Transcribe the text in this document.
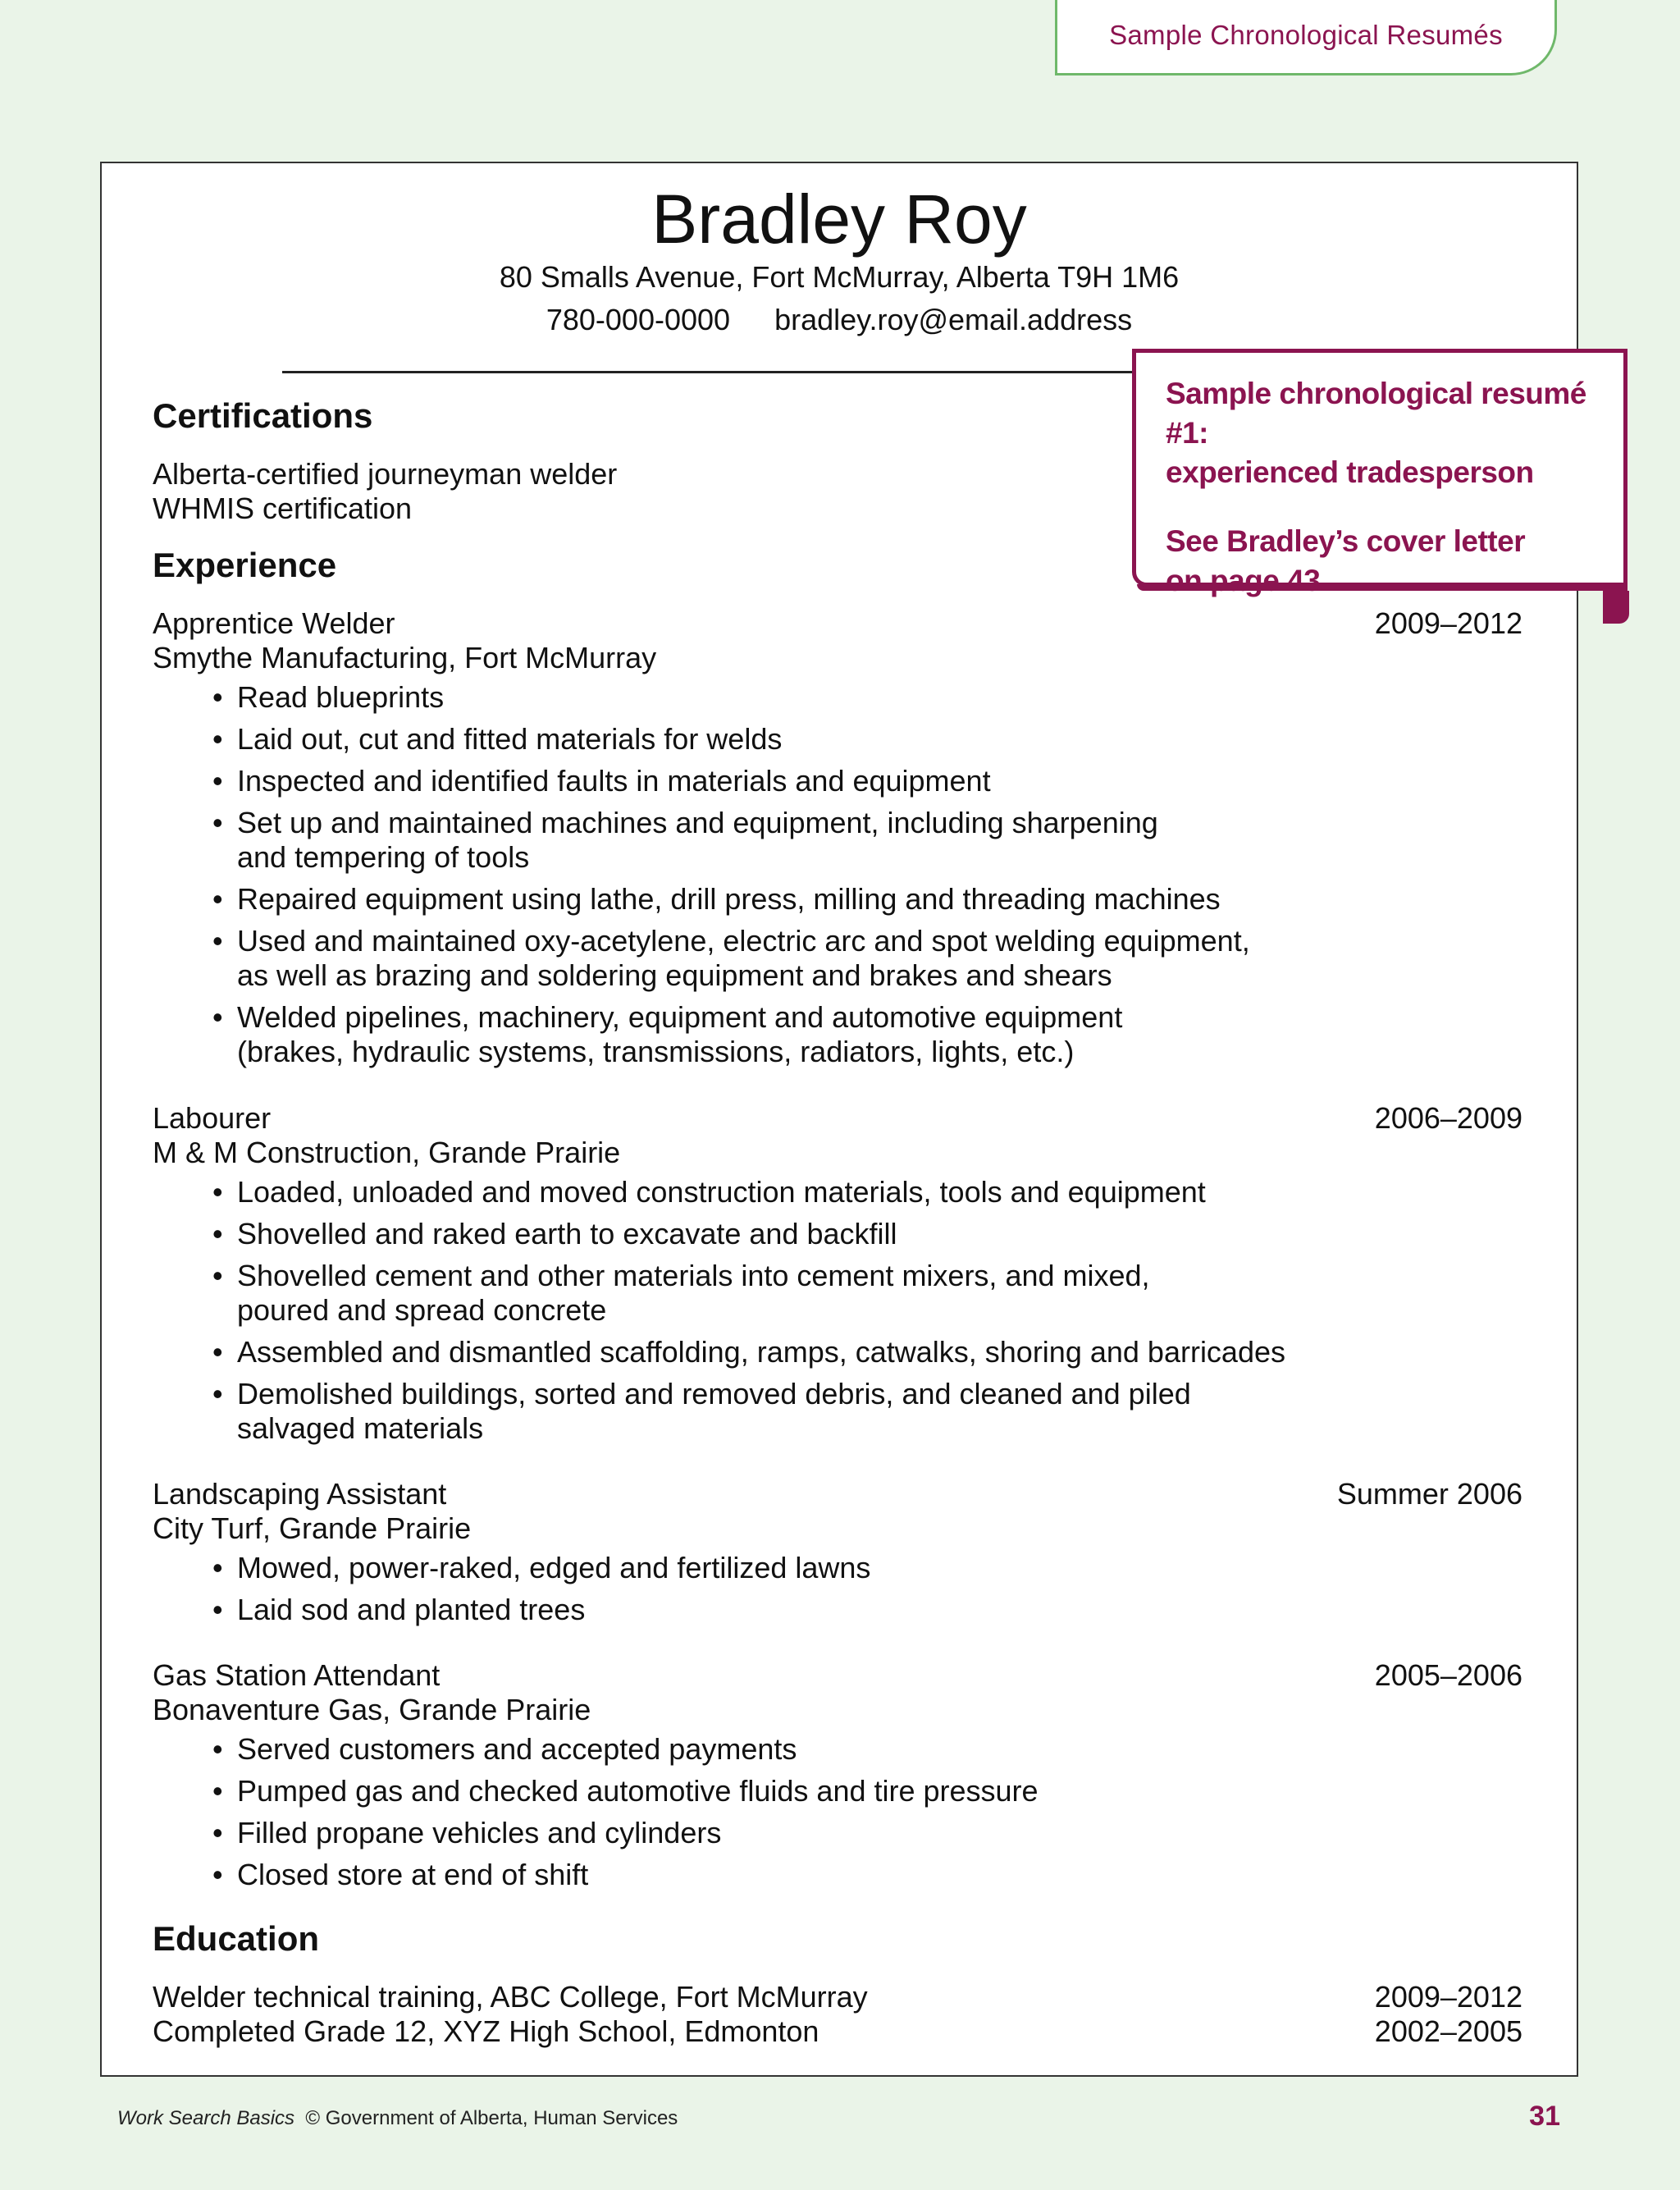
Sample Chronological Resumés
Bradley Roy
80 Smalls Avenue, Fort McMurray, Alberta T9H 1M6
780-000-0000 bradley.roy@email.address
Certifications
Alberta-certified journeyman welder
WHMIS certification
Experience
Apprentice Welder	2009–2012
Smythe Manufacturing, Fort McMurray
• Read blueprints
• Laid out, cut and fitted materials for welds
• Inspected and identified faults in materials and equipment
• Set up and maintained machines and equipment, including sharpening
and tempering of tools
• Repaired equipment using lathe, drill press, milling and threading machines
• Used and maintained oxy-acetylene, electric arc and spot welding equipment,
as well as brazing and soldering equipment and brakes and shears
• Welded pipelines, machinery, equipment and automotive equipment
(brakes, hydraulic systems, transmissions, radiators, lights, etc.)
Labourer	2006–2009
M & M Construction, Grande Prairie
• Loaded, unloaded and moved construction materials, tools and equipment
• Shovelled and raked earth to excavate and backfill
• Shovelled cement and other materials into cement mixers, and mixed,
poured and spread concrete
• Assembled and dismantled scaffolding, ramps, catwalks, shoring and barricades
• Demolished buildings, sorted and removed debris, and cleaned and piled
salvaged materials
Landscaping Assistant	Summer 2006
City Turf, Grande Prairie
• Mowed, power-raked, edged and fertilized lawns
• Laid sod and planted trees
Gas Station Attendant	2005–2006
Bonaventure Gas, Grande Prairie
• Served customers and accepted payments
• Pumped gas and checked automotive fluids and tire pressure
• Filled propane vehicles and cylinders
• Closed store at end of shift
Education
Welder technical training, ABC College, Fort McMurray	2009–2012
Completed Grade 12, XYZ High School, Edmonton	2002–2005

Sample chronological resumé #1:
experienced tradesperson

See Bradley’s cover letter
on page 43.

Work Search Basics © Government of Alberta, Human Services	31
